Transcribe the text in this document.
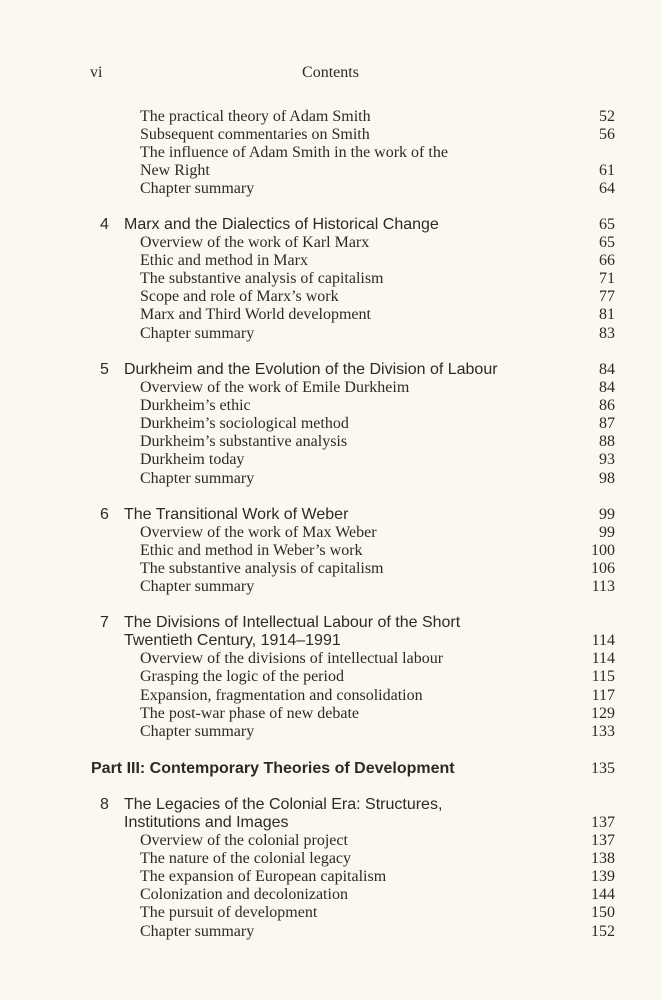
vi	Contents
The practical theory of Adam Smith	52
Subsequent commentaries on Smith	56
The influence of Adam Smith in the work of the
New Right	61
Chapter summary	64
4 Marx and the Dialectics of Historical Change	65
Overview of the work of Karl Marx	65
Ethic and method in Marx	66
The substantive analysis of capitalism	71
Scope and role of Marx’s work	77
Marx and Third World development	81
Chapter summary	83
5 Durkheim and the Evolution of the Division of Labour	84
Overview of the work of Emile Durkheim	84
Durkheim’s ethic	86
Durkheim’s sociological method	87
Durkheim’s substantive analysis	88
Durkheim today	93
Chapter summary	98
6 The Transitional Work of Weber	99
Overview of the work of Max Weber	99
Ethic and method in Weber’s work	100
The substantive analysis of capitalism	106
Chapter summary	113
7 The Divisions of Intellectual Labour of the Short
Twentieth Century, 1914–1991	114
Overview of the divisions of intellectual labour	114
Grasping the logic of the period	115
Expansion, fragmentation and consolidation	117
The post-war phase of new debate	129
Chapter summary	133
Part III: Contemporary Theories of Development	135
8 The Legacies of the Colonial Era: Structures,
Institutions and Images	137
Overview of the colonial project	137
The nature of the colonial legacy	138
The expansion of European capitalism	139
Colonization and decolonization	144
The pursuit of development	150
Chapter summary	152
